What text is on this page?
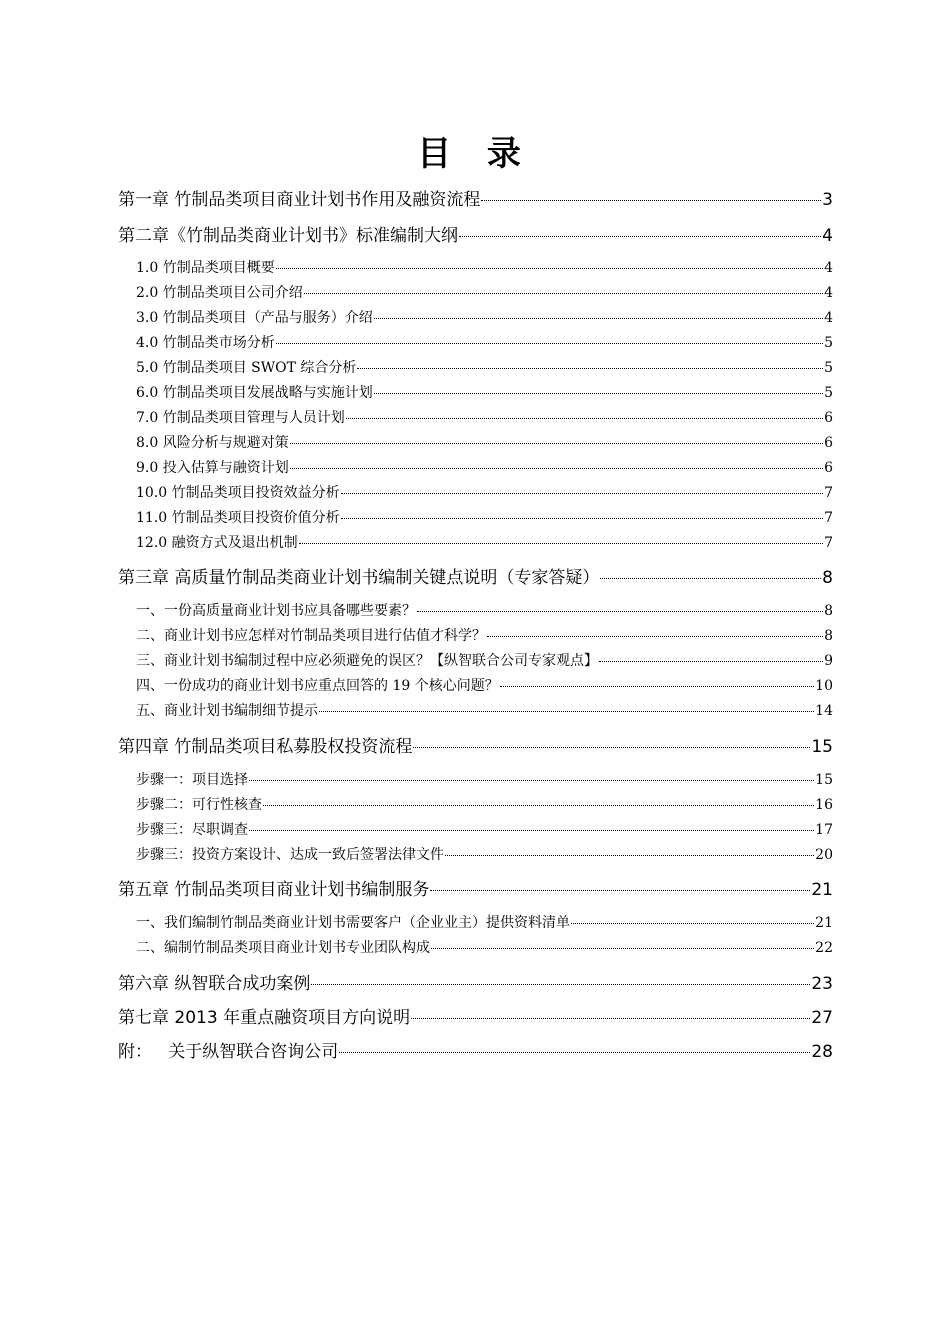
目 录
第一章 竹制品类项目商业计划书作用及融资流程	3
第二章《竹制品类商业计划书》标准编制大纲	4
1.0 竹制品类项目概要	4
2.0 竹制品类项目公司介绍	4
3.0 竹制品类项目（产品与服务）介绍	4
4.0 竹制品类市场分析	5
5.0 竹制品类项目 SWOT 综合分析	5
6.0 竹制品类项目发展战略与实施计划	5
7.0 竹制品类项目管理与人员计划	6
8.0 风险分析与规避对策	6
9.0 投入估算与融资计划	6
10.0 竹制品类项目投资效益分析	7
11.0 竹制品类项目投资价值分析	7
12.0 融资方式及退出机制	7
第三章 高质量竹制品类商业计划书编制关键点说明（专家答疑）	8
一、一份高质量商业计划书应具备哪些要素？	8
二、商业计划书应怎样对竹制品类项目进行估值才科学？	8
三、商业计划书编制过程中应必须避免的误区？【纵智联合公司专家观点】	9
四、一份成功的商业计划书应重点回答的 19 个核心问题？	10
五、商业计划书编制细节提示	14
第四章 竹制品类项目私募股权投资流程	15
步骤一：项目选择	15
步骤二：可行性核查	16
步骤三：尽职调查	17
步骤三：投资方案设计、达成一致后签署法律文件	20
第五章 竹制品类项目商业计划书编制服务	21
一、我们编制竹制品类商业计划书需要客户（企业业主）提供资料清单	21
二、编制竹制品类项目商业计划书专业团队构成	22
第六章 纵智联合成功案例	23
第七章 2013 年重点融资项目方向说明	27
附：   关于纵智联合咨询公司	28
